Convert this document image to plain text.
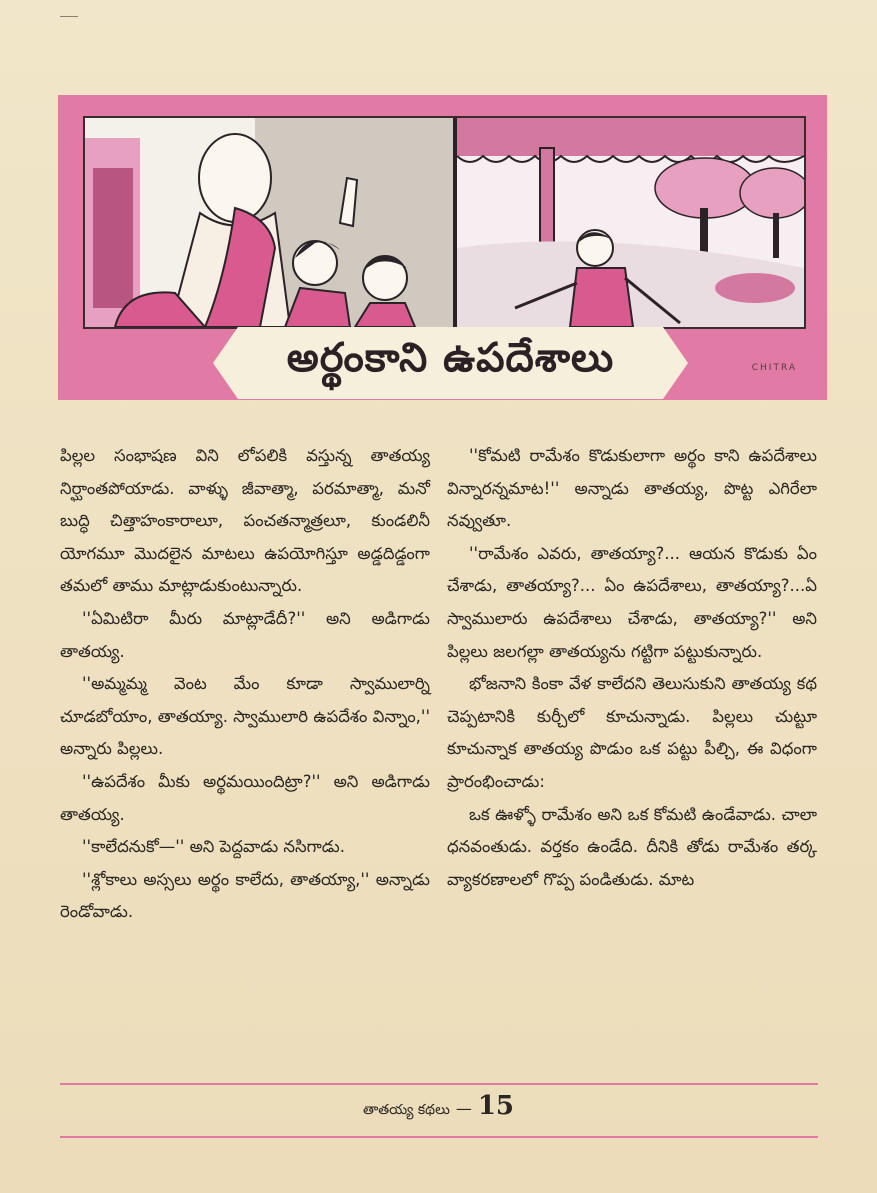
అర్థంకాని ఉపదేశాలు	CHITRA

పిల్లల సంభాషణ విని లోపలికి వస్తున్న తాతయ్య నిర్ఘాంతపోయాడు. వాళ్ళు జీవాత్మా, పరమాత్మా, మనో బుద్ధి చిత్తాహంకారాలూ, పంచతన్మాత్రలూ, కుండలినీ యోగమూ మొదలైన మాటలు ఉపయోగిస్తూ అడ్డదిడ్డంగా తమలో తాము మాట్లాడుకుంటున్నారు.

''ఏమిటిరా మీరు మాట్లాడేదీ?'' అని అడిగాడు తాతయ్య.

''అమ్మమ్మ వెంట మేం కూడా స్వాములార్ని చూడబోయాం, తాతయ్యా. స్వాములారి ఉపదేశం విన్నాం,'' అన్నారు పిల్లలు.

''ఉపదేశం మీకు అర్థమయిందిట్రా?'' అని అడిగాడు తాతయ్య.

''కాలేదనుకో—'' అని పెద్దవాడు నసిగాడు.

''శ్లోకాలు అస్సలు అర్థం కాలేదు, తాతయ్యా,'' అన్నాడు రెండోవాడు.

''కోమటి రామేశం కొడుకులాగా అర్థం కాని ఉపదేశాలు విన్నారన్నమాట!'' అన్నాడు తాతయ్య, పొట్ట ఎగిరేలా నవ్వుతూ.

''రామేశం ఎవరు, తాతయ్యా?... ఆయన కొడుకు ఏం చేశాడు, తాతయ్యా?... ఏం ఉపదేశాలు, తాతయ్యా?...ఏ స్వాములారు ఉపదేశాలు చేశాడు, తాతయ్యా?'' అని పిల్లలు జలగల్లా తాతయ్యను గట్టిగా పట్టుకున్నారు.

భోజనాని కింకా వేళ కాలేదని తెలుసుకుని తాతయ్య కథ చెప్పటానికి కుర్చీలో కూచున్నాడు. పిల్లలు చుట్టూ కూచున్నాక తాతయ్య పొడుం ఒక పట్టు పీల్చి, ఈ విధంగా ప్రారంభించాడు:

ఒక ఊళ్ళో రామేశం అని ఒక కోమటి ఉండేవాడు. చాలా ధనవంతుడు. వర్తకం ఉండేది. దీనికి తోడు రామేశం తర్క వ్యాకరణాలలో గొప్ప పండితుడు. మాట

తాతయ్య కథలు — 15
